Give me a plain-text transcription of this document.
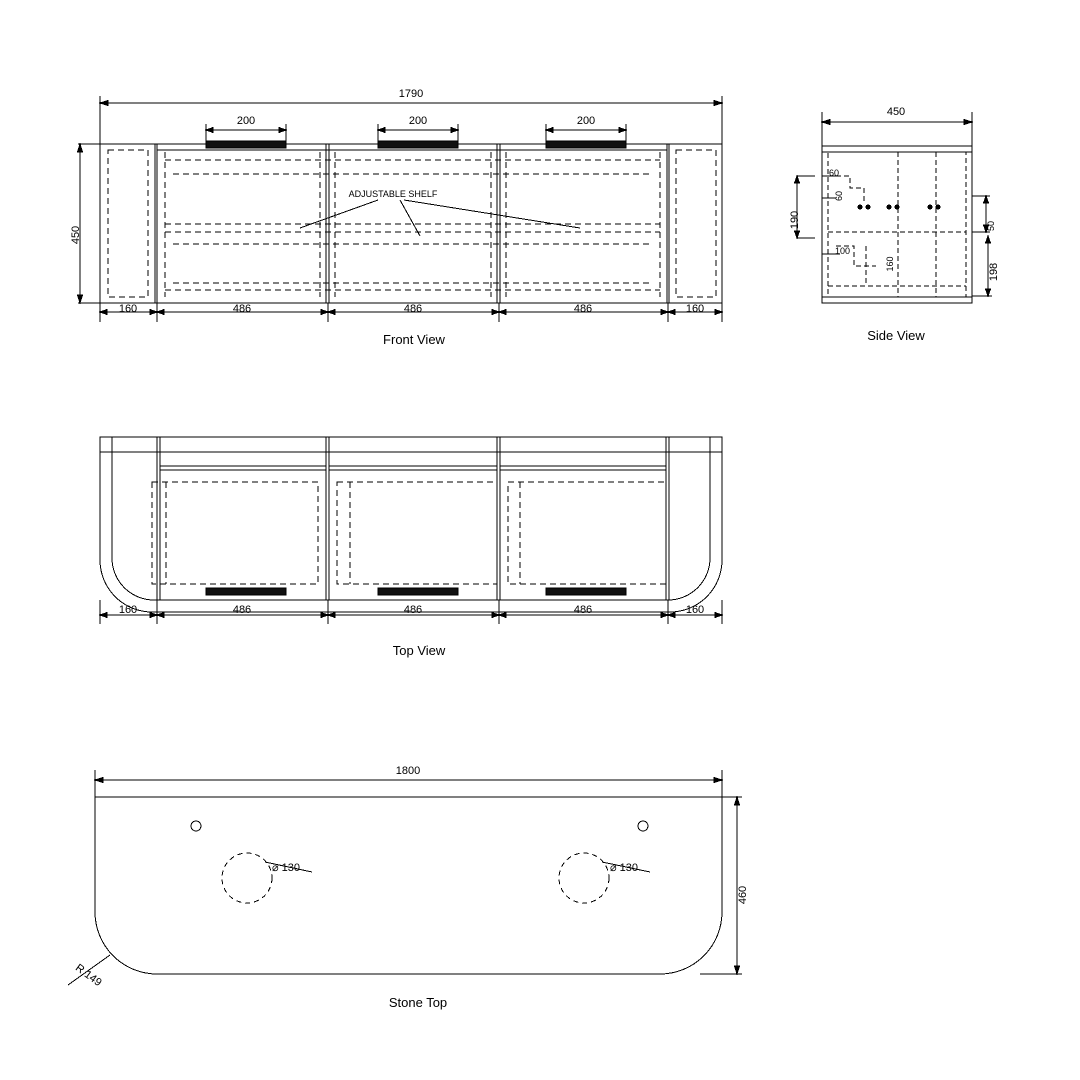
1790
450
200	200	200
ADJUSTABLE SHELF
160	486	486	486	160
Front View
450
190
60
60
100
160
50
198
Side View
160	486	486	486	160
Top View
1800
460
⌀ 130	⌀ 130
R 149
Stone Top
